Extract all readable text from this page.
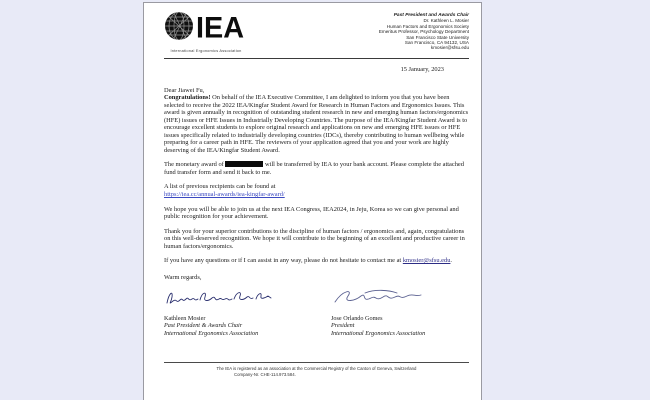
IEA
International Ergonomics Association
Past President and Awards Chair
Dr. Kathleen L. Mosier
Human Factors and Ergonomics Society
Emeritus Professor, Psychology Department
San Francisco State University
San Francisco, CA 94132, USA
kmosier@sfsu.edu
15 January, 2023
Dear Jiawei Fu,

Congratulations! On behalf of the IEA Executive Committee, I am delighted to inform you that you have been selected to receive the 2022 IEA/Kingfar Student Award for Research in Human Factors and Ergonomics Issues. This award is given annually in recognition of outstanding student research in new and emerging human factors/ergonomics (HFE) issues or HFE Issues in Industrially Developing Countries. The purpose of the IEA/Kingfar Student Award is to encourage excellent students to explore original research and applications on new and emerging HFE issues or HFE issues specifically related to industrially developing countries (IDCs), thereby contributing to human wellbeing while preparing for a career path in HFE. The reviewers of your application agreed that you and your work are highly deserving of the IEA/Kingfar Student Award.

The monetary award of	will be transferred by IEA to your bank account. Please complete the attached fund transfer form and send it back to me.

A list of previous recipients can be found at
https://iea.cc/annual-awards/iea-kingfar-award/

We hope you will be able to join us at the next IEA Congress, IEA2024, in Jeju, Korea so we can give personal and public recognition for your achievement.

Thank you for your superior contributions to the discipline of human factors / ergonomics and, again, congratulations on this well-deserved recognition. We hope it will contribute to the beginning of an excellent and productive career in human factors/ergonomics.

If you have any questions or if I can assist in any way, please do not hesitate to contact me at kmosier@sfsu.edu.

Warm regards,
Kathleen Mosier
Past President & Awards Chair
International Ergonomics Association
Jose Orlando Gomes
President
International Ergonomics Association
The IEA is registered as an association at the Commercial Registry of the Canton of Geneva, Switzerland
Company-Nr. CHE-114.973.584.
